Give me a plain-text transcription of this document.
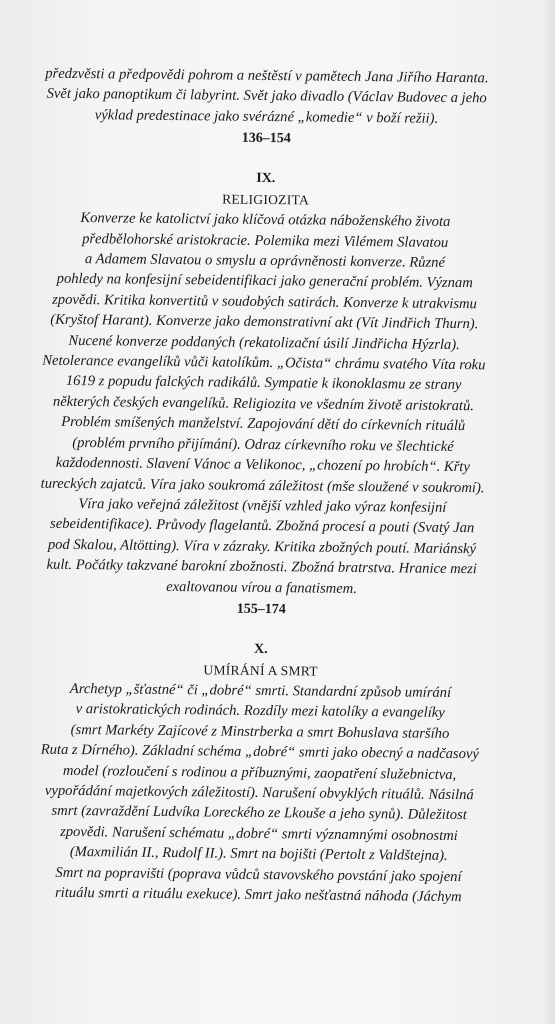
předzvěsti a předpovědi pohrom a neštěstí v pamětech Jana Jiřího Haranta.
Svět jako panoptikum či labyrint. Svět jako divadlo (Václav Budovec a jeho
výklad predestinace jako svérázné „komedie“ v boží režii).

136–154
IX.
RELIGIOZITA

Konverze ke katolictví jako klíčová otázka náboženského života
předbělohorské aristokracie. Polemika mezi Vilémem Slavatou
a Adamem Slavatou o smyslu a oprávněnosti konverze. Různé
pohledy na konfesijní sebeidentifikaci jako generační problém. Význam
zpovědi. Kritika konvertitů v soudobých satirách. Konverze k utrakvismu
(Kryštof Harant). Konverze jako demonstrativní akt (Vít Jindřich Thurn).
Nucené konverze poddaných (rekatolizační úsilí Jindřicha Hýzrla).
Netolerance evangelíků vůči katolíkům. „Očista“ chrámu svatého Víta roku
1619 z popudu falckých radikálů. Sympatie k ikonoklasmu ze strany
některých českých evangelíků. Religiozita ve všedním životě aristokratů.
Problém smíšených manželství. Zapojování dětí do církevních rituálů
(problém prvního přijímání). Odraz církevního roku ve šlechtické
každodennosti. Slavení Vánoc a Velikonoc, „chození po hrobích“. Křty
tureckých zajatců. Víra jako soukromá záležitost (mše sloužené v soukromí).
Víra jako veřejná záležitost (vnější vzhled jako výraz konfesijní
sebeidentifikace). Průvody flagelantů. Zbožná procesí a pouti (Svatý Jan
pod Skalou, Altötting). Víra v zázraky. Kritika zbožných poutí. Mariánský
kult. Počátky takzvané barokní zbožnosti. Zbožná bratrstva. Hranice mezi
exaltovanou vírou a fanatismem.

155–174
X.
UMÍRÁNÍ A SMRT

Archetyp „šťastné“ či „dobré“ smrti. Standardní způsob umírání
v aristokratických rodinách. Rozdíly mezi katolíky a evangelíky
(smrt Markéty Zajícové z Minstrberka a smrt Bohuslava staršího
Ruta z Dírného). Základní schéma „dobré“ smrti jako obecný a nadčasový
model (rozloučení s rodinou a příbuznými, zaopatření služebnictva,
vypořádání majetkových záležitostí). Narušení obvyklých rituálů. Násilná
smrt (zavraždění Ludvíka Loreckého ze Lkouše a jeho synů). Důležitost
zpovědi. Narušení schématu „dobré“ smrti významnými osobnostmi
(Maxmilián II., Rudolf II.). Smrt na bojišti (Pertolt z Valdštejna).
Smrt na popravišti (poprava vůdců stavovského povstání jako spojení
rituálu smrti a rituálu exekuce). Smrt jako nešťastná náhoda (Jáchym
